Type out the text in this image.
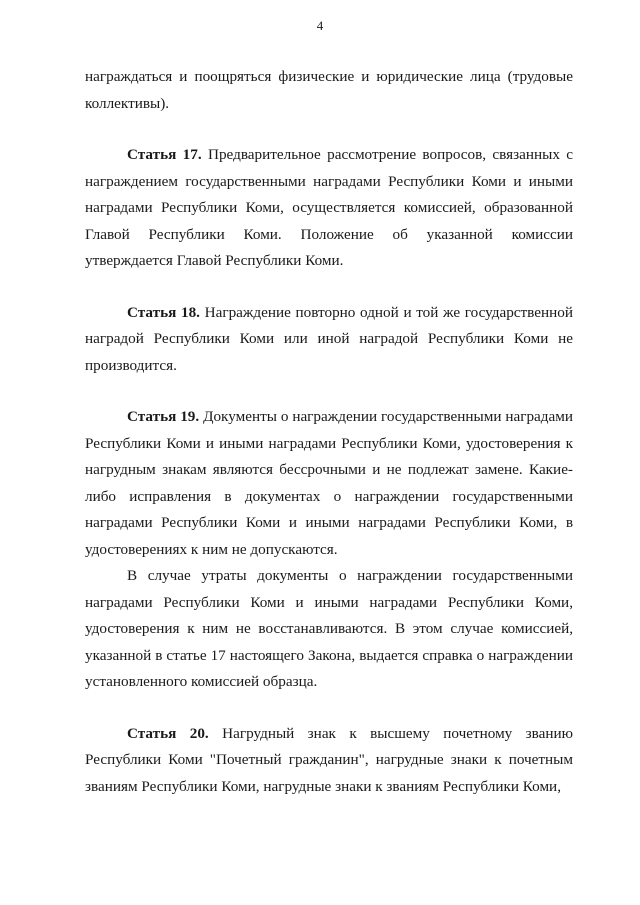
4

награждаться и поощряться физические и юридические лица (трудовые коллективы).

Статья 17. Предварительное рассмотрение вопросов, связанных с награждением государственными наградами Республики Коми и иными наградами Республики Коми, осуществляется комиссией, образованной Главой Республики Коми. Положение об указанной комиссии утверждается Главой Республики Коми.

Статья 18. Награждение повторно одной и той же государственной наградой Республики Коми или иной наградой Республики Коми не производится.

Статья 19. Документы о награждении государственными наградами Республики Коми и иными наградами Республики Коми, удостоверения к нагрудным знакам являются бессрочными и не подлежат замене. Какие-либо исправления в документах о награждении государственными наградами Республики Коми и иными наградами Республики Коми, в удостоверениях к ним не допускаются.

В случае утраты документы о награждении государственными наградами Республики Коми и иными наградами Республики Коми, удостоверения к ним не восстанавливаются. В этом случае комиссией, указанной в статье 17 настоящего Закона, выдается справка о награждении установленного комиссией образца.

Статья 20. Нагрудный знак к высшему почетному званию Республики Коми "Почетный гражданин", нагрудные знаки к почетным званиям Республики Коми, нагрудные знаки к званиям Республики Коми,
